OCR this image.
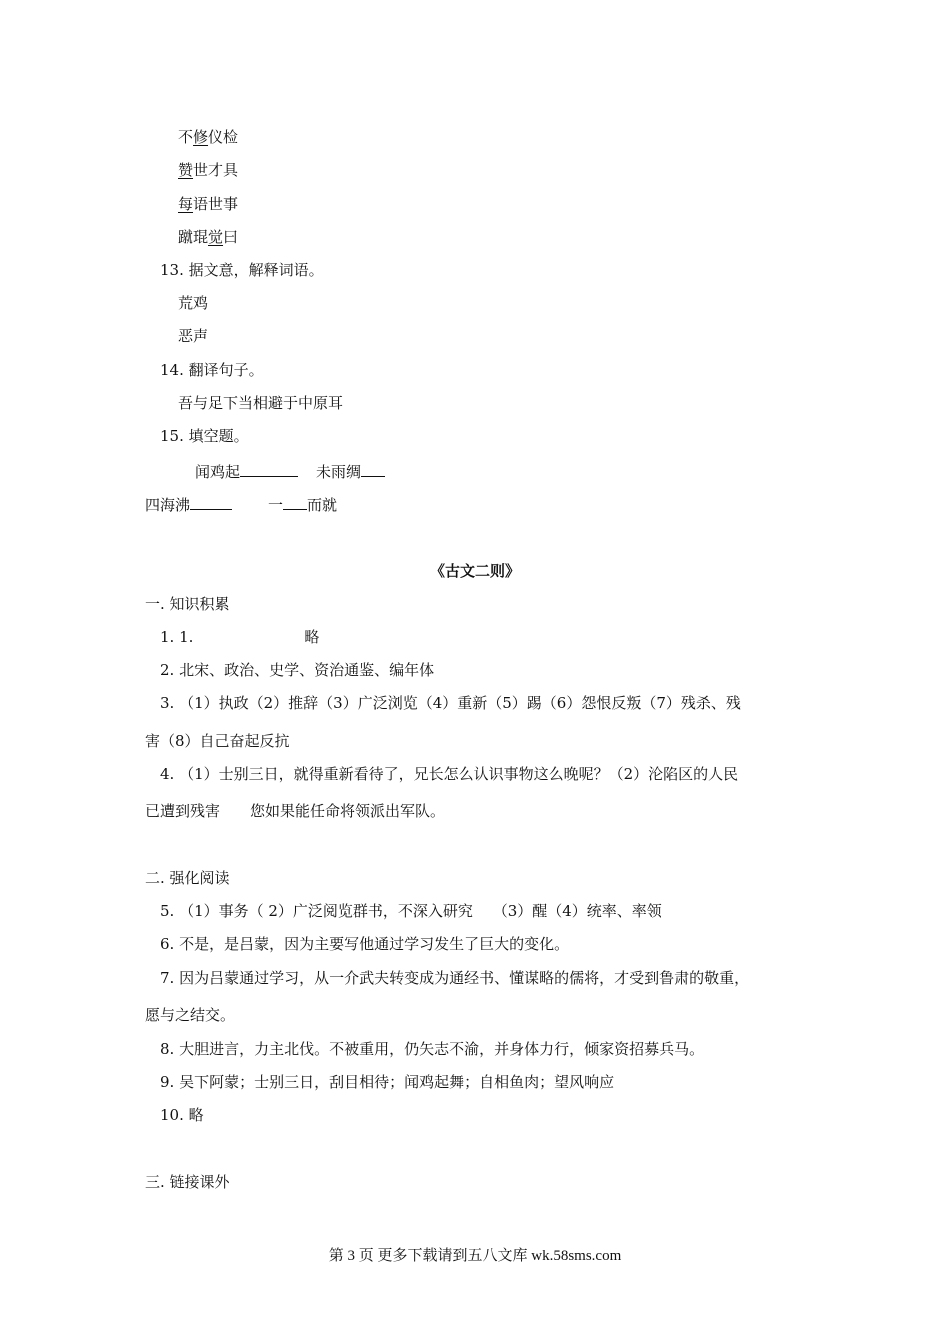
不修仪检
赞世才具
每语世事
蹴琨觉曰
13. 据文意，解释词语。
荒鸡
恶声
14. 翻译句子。
吾与足下当相避于中原耳
15. 填空题。
闻鸡起	未雨绸
四海沸	一 而就
《古文二则》
一. 知识积累
1. 1.	略
2. 北宋、政治、史学、资治通鉴、编年体
3. （1）执政（2）推辞（3）广泛浏览（4）重新（5）踢（6）怨恨反叛（7）残杀、残
害（8）自己奋起反抗
4. （1）士别三日，就得重新看待了，兄长怎么认识事物这么晚呢？（2）沦陷区的人民
已遭到残害　　您如果能任命将领派出军队。
二. 强化阅读
5. （1）事务（ 2）广泛阅览群书，不深入研究　 （3）醒（4）统率、率领
6. 不是，是吕蒙，因为主要写他通过学习发生了巨大的变化。
7. 因为吕蒙通过学习，从一介武夫转变成为通经书、懂谋略的儒将，才受到鲁肃的敬重，
愿与之结交。
8. 大胆进言，力主北伐。不被重用，仍矢志不渝，并身体力行，倾家资招募兵马。
9. 吴下阿蒙；士别三日，刮目相待；闻鸡起舞；自相鱼肉；望风响应
10. 略
三. 链接课外
第 3 页 更多下载请到五八文库 wk.58sms.com
